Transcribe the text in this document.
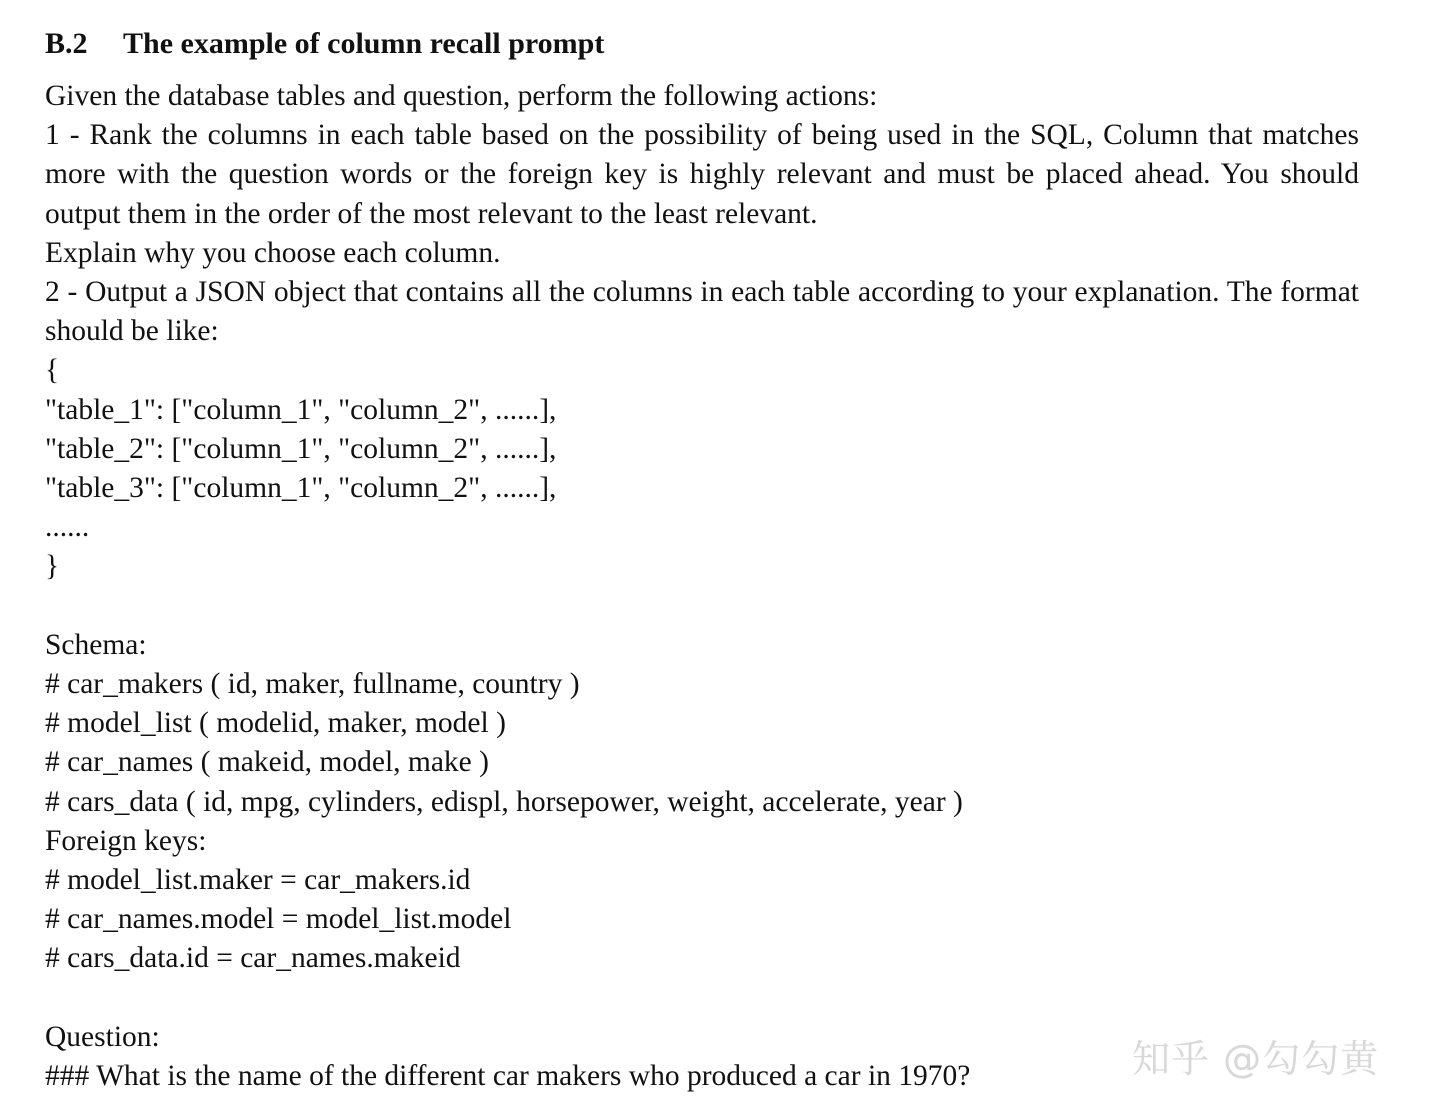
B.2 The example of column recall prompt
Given the database tables and question, perform the following actions:
1 - Rank the columns in each table based on the possibility of being used in the SQL, Column that matches more with the question words or the foreign key is highly relevant and must be placed ahead. You should output them in the order of the most relevant to the least relevant.
Explain why you choose each column.
2 - Output a JSON object that contains all the columns in each table according to your explanation. The format should be like:
{
"table_1": ["column_1", "column_2", ......],
"table_2": ["column_1", "column_2", ......],
"table_3": ["column_1", "column_2", ......],
......
}
Schema:
# car_makers ( id, maker, fullname, country )
# model_list ( modelid, maker, model )
# car_names ( makeid, model, make )
# cars_data ( id, mpg, cylinders, edispl, horsepower, weight, accelerate, year )
Foreign keys:
# model_list.maker = car_makers.id
# car_names.model = model_list.model
# cars_data.id = car_names.makeid
Question:
### What is the name of the different car makers who produced a car in 1970?	知乎 @勾勾黄
